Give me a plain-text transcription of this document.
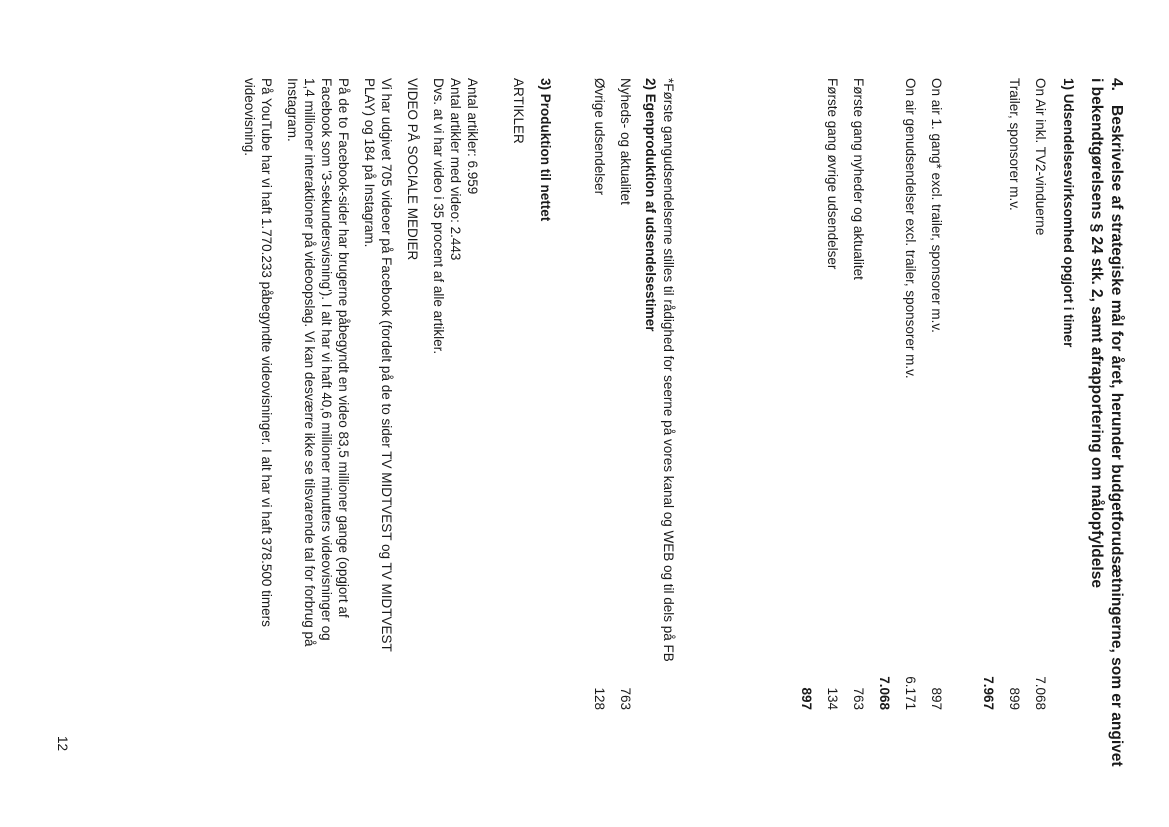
4.
Beskrivelse af strategiske mål for året, herunder budgetforudsætningerne, som er angivet
i bekendtgørelsens § 24 stk. 2, samt afrapportering om målopfyldelse
1) Udsendelsesvirksomhed opgjort i timer
On Air inkl. TV2-vinduerne
7.068
Trailer, sponsorer m.v.
899
7.967
On air 1. gang* excl. trailer, sponsorer m.v.
897
On air genudsendelser excl. trailer, sponsorer m.v.
6.171
7.068
Første gang nyheder og aktualitet
763
Første gang øvrige udsendelser
134
897
*Første gangudsendelserne stilles til rådighed for seerne på vores kanal og WEB og til dels på FB
2) Egenproduktion af udsendelsestimer
Nyheds- og aktualitet
763
Øvrige udsendelser
128
3) Produktion til nettet
ARTIKLER
Antal artikler: 6.959
Antal artikler med video: 2.443
Dvs. at vi har video i 35 procent af alle artikler.
VIDEO PÅ SOCIALE MEDIER
Vi har udgivet 705 videoer på Facebook (fordelt på de to sider TV MIDTVEST og TV MIDTVEST
PLAY) og 184 på Instagram.
På de to Facebook-sider har brugerne påbegyndt en video 83,5 millioner gange (opgjort af
Facebook som '3-sekundersvisning'). I alt har vi haft 40,6 millioner minutters videovisninger og
1,4 millioner interaktioner på videoopslag. Vi kan desværre ikke se tilsvarende tal for forbrug på
Instagram.
På YouTube har vi haft 1.770.233 påbegyndte videovisninger. I alt har vi haft 378.500 timers
videovisning.
12
